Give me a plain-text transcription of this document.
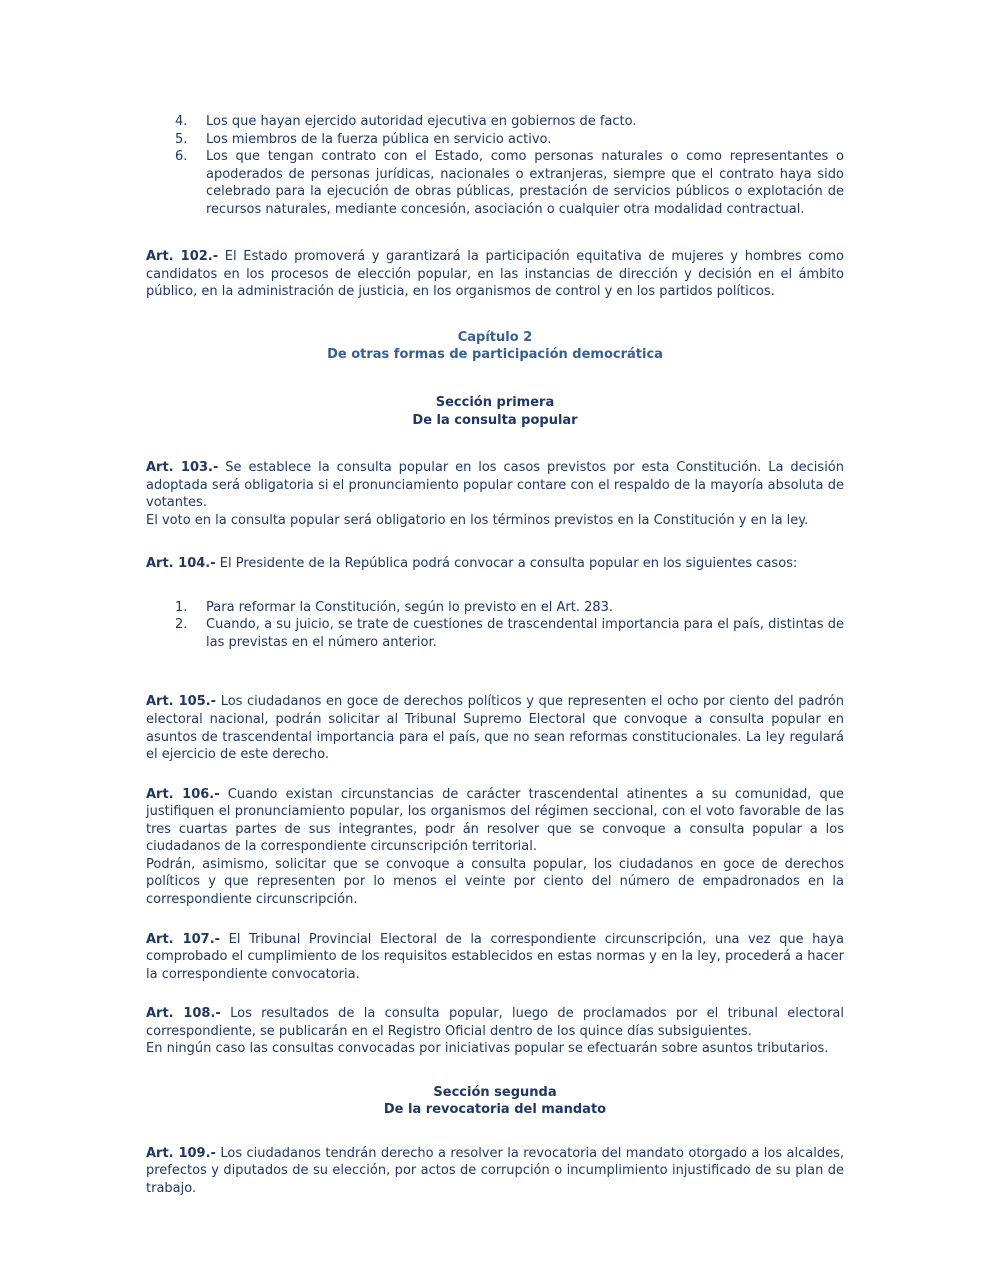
4.	Los que hayan ejercido autoridad ejecutiva en gobiernos de facto.
5.	Los miembros de la fuerza pública en servicio activo.
6.	Los que tengan contrato con el Estado, como personas naturales o como representantes o apoderados de personas jurídicas, nacionales o extranjeras, siempre que el contrato haya sido celebrado para la ejecución de obras públicas, prestación de servicios públicos o explotación de recursos naturales, mediante concesión, asociación o cualquier otra modalidad contractual.

Art. 102.- El Estado promoverá y garantizará la participación equitativa de mujeres y hombres como candidatos en los procesos de elección popular, en las instancias de dirección y decisión en el ámbito público, en la administración de justicia, en los organismos de control y en los partidos políticos.

Capítulo 2
De otras formas de participación democrática
Sección primera
De la consulta popular

Art. 103.- Se establece la consulta popular en los casos previstos por esta Constitución. La decisión adoptada será obligatoria si el pronunciamiento popular contare con el respaldo de la mayoría absoluta de votantes.

El voto en la consulta popular será obligatorio en los términos previstos en la Constitución y en la ley.

Art. 104.- El Presidente de la República podrá convocar a consulta popular en los siguientes casos:

1.	Para reformar la Constitución, según lo previsto en el Art. 283.
2.	Cuando, a su juicio, se trate de cuestiones de trascendental importancia para el país, distintas de las previstas en el número anterior.

Art. 105.- Los ciudadanos en goce de derechos políticos y que representen el ocho por ciento del padrón electoral nacional, podrán solicitar al Tribunal Supremo Electoral que convoque a consulta popular en asuntos de trascendental importancia para el país, que no sean reformas constitucionales. La ley regulará el ejercicio de este derecho.

Art. 106.- Cuando existan circunstancias de carácter trascendental atinentes a su comunidad, que justifiquen el pronunciamiento popular, los organismos del régimen seccional, con el voto favorable de las tres cuartas partes de sus integrantes, podr án resolver que se convoque a consulta popular a los ciudadanos de la correspondiente circunscripción territorial.

Podrán, asimismo, solicitar que se convoque a consulta popular, los ciudadanos en goce de derechos políticos y que representen por lo menos el veinte por ciento del número de empadronados en la correspondiente circunscripción.

Art. 107.- El Tribunal Provincial Electoral de la correspondiente circunscripción, una vez que haya comprobado el cumplimiento de los requisitos establecidos en estas normas y en la ley, procederá a hacer la correspondiente convocatoria.

Art. 108.- Los resultados de la consulta popular, luego de proclamados por el tribunal electoral correspondiente, se publicarán en el Registro Oficial dentro de los quince días subsiguientes.

En ningún caso las consultas convocadas por iniciativas popular se efectuarán sobre asuntos tributarios.

Sección segunda
De la revocatoria del mandato

Art. 109.- Los ciudadanos tendrán derecho a resolver la revocatoria del mandato otorgado a los alcaldes, prefectos y diputados de su elección, por actos de corrupción o incumplimiento injustificado de su plan de trabajo.
